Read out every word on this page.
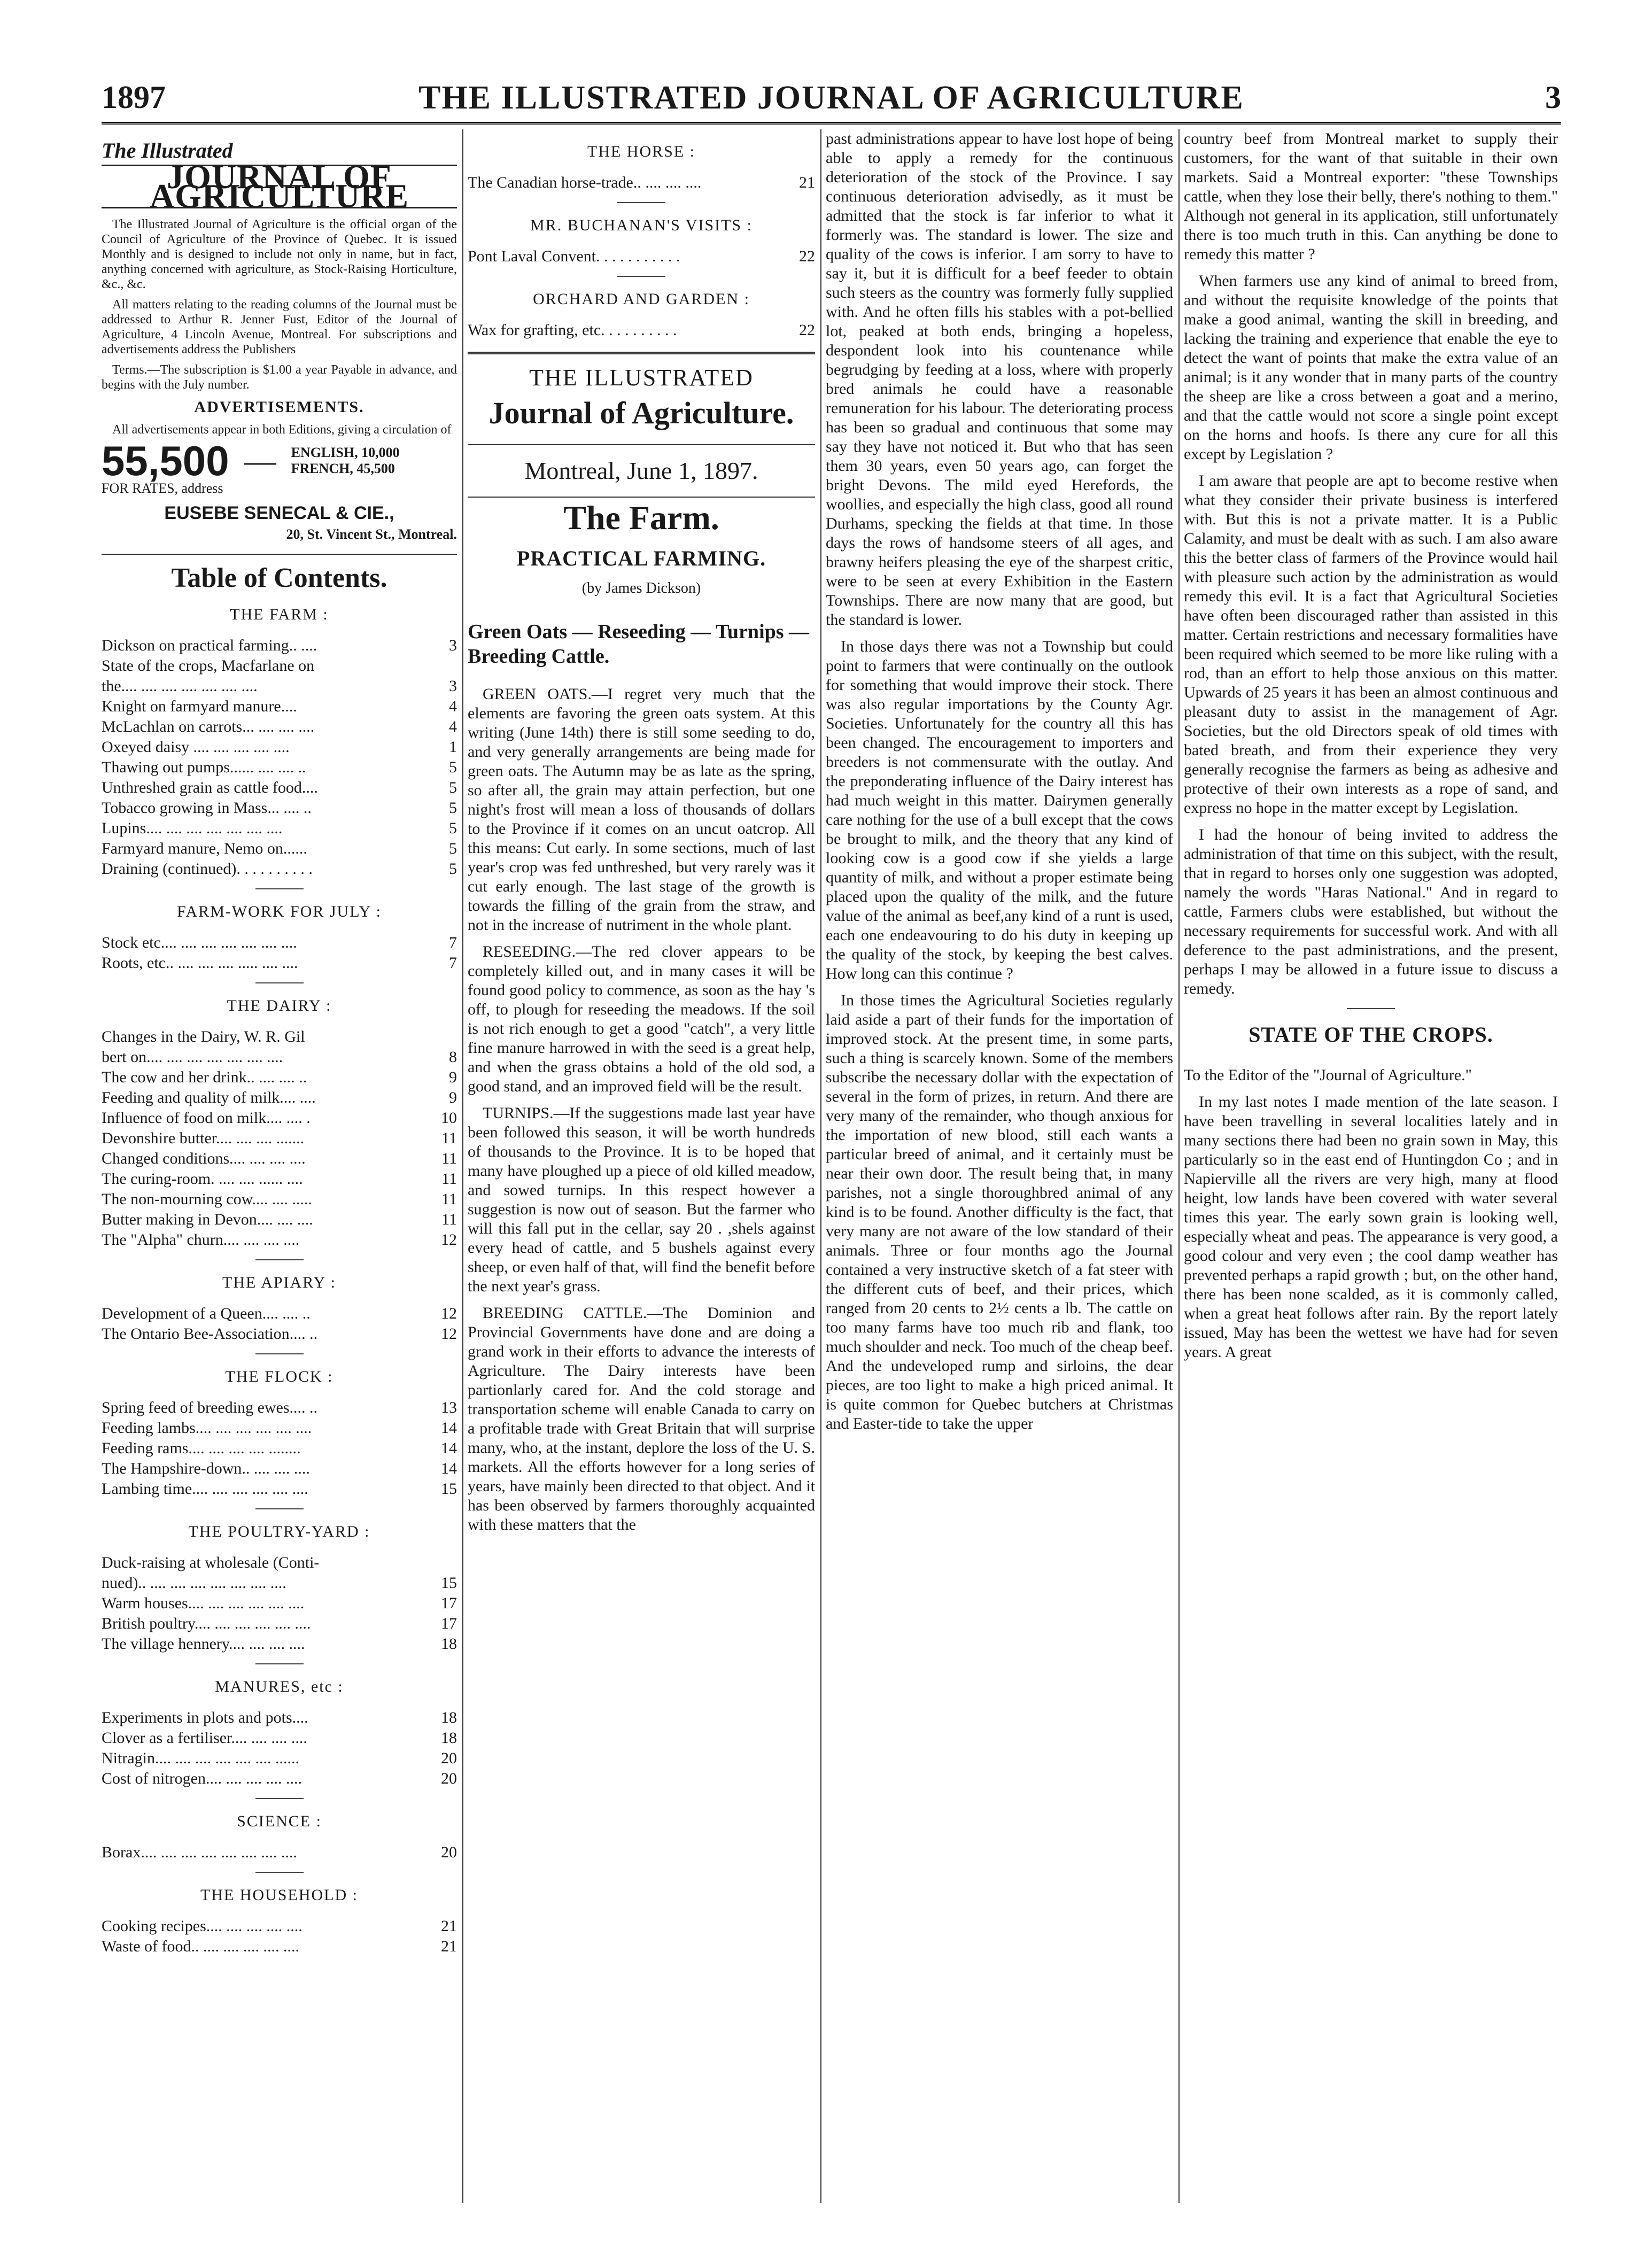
1897	THE ILLUSTRATED JOURNAL OF AGRICULTURE	3
The Illustrated
JOURNAL OF AGRICULTURE
The Illustrated Journal of Agriculture is the official organ of the Council of Agriculture of the Province of Quebec. It is issued Monthly and is designed to include not only in name, but in fact, anything concerned with agriculture, as Stock-Raising Horticulture, &c., &c.
All matters relating to the reading columns of the Journal must be addressed to Arthur R. Jenner Fust, Editor of the Journal of Agriculture, 4 Lincoln Avenue, Montreal. For subscriptions and advertisements address the Publishers
Terms.—The subscription is $1.00 a year Payable in advance, and begins with the July number.
ADVERTISEMENTS.
All advertisements appear in both Editions, giving a circulation of
55,500 — ENGLISH, 10,000
FRENCH, 45,500
FOR RATES, address
EUSEBE SENECAL & CIE.,
20, St. Vincent St., Montreal.
Table of Contents.
THE FARM :
Dickson on practical farming.. ....	3
State of the crops, Macfarlane on
the.... .... .... .... .... .... ....	3
Knight on farmyard manure....	4
McLachlan on carrots... .... .... ....	4
Oxeyed daisy .... .... .... .... ....	1
Thawing out pumps...... .... .... ..	5
Unthreshed grain as cattle food....	5
Tobacco growing in Mass... .... ..	5
Lupins.... .... .... .... .... .... ....	5
Farmyard manure, Nemo on......	5
Draining (continued). . . . . . . . . .	5
FARM-WORK FOR JULY :
Stock etc.... .... .... .... .... .... ....	7
Roots, etc.. .... .... .... ..... .... ....	7
THE DAIRY :
Changes in the Dairy, W. R. Gil
bert on.... .... .... .... .... .... ....	8
The cow and her drink.. .... .... ..	9
Feeding and quality of milk.... ....	9
Influence of food on milk.... .... .	10
Devonshire butter.... .... .... .......	11
Changed conditions.... .... .... ....	11
The curing-room. .... .... ...... ....	11
The non-mourning cow.... .... .....	11
Butter making in Devon.... .... ....	11
The "Alpha" churn.... .... .... ....	12
THE APIARY :
Development of a Queen.... .... ..	12
The Ontario Bee-Association.... ..	12
THE FLOCK :
Spring feed of breeding ewes.... ..	13
Feeding lambs.... .... .... .... .... ....	14
Feeding rams.... .... .... .... ........	14
The Hampshire-down.. .... .... ....	14
Lambing time.... .... .... .... .... ....	15
THE POULTRY-YARD :
Duck-raising at wholesale (Conti-
nued).. .... .... .... .... .... .... ....	15
Warm houses.... .... .... .... .... ....	17
British poultry.... .... .... .... .... ....	17
The village hennery.... .... .... ....	18
MANURES, etc :
Experiments in plots and pots....	18
Clover as a fertiliser.... .... .... ....	18
Nitragin.... .... .... .... .... .... ......	20
Cost of nitrogen.... .... .... .... ....	20
SCIENCE :
Borax.... .... .... .... .... .... .... ....	20
THE HOUSEHOLD :
Cooking recipes.... .... .... .... ....	21
Waste of food.. .... .... .... .... ....	21
THE HORSE :
The Canadian horse-trade.. .... .... ....	21
MR. BUCHANAN'S VISITS :
Pont Laval Convent. . . . . . . . . . .	22
ORCHARD AND GARDEN :
Wax for grafting, etc. . . . . . . . . .	22
THE ILLUSTRATED
Journal of Agriculture.
Montreal, June 1, 1897.
The Farm.
PRACTICAL FARMING.
(by James Dickson)
Green Oats — Reseeding — Turnips — Breeding Cattle.

GREEN OATS.—I regret very much that the elements are favoring the green oats system. At this writing (June 14th) there is still some seeding to do, and very generally arrangements are being made for green oats. The Autumn may be as late as the spring, so after all, the grain may attain perfection, but one night's frost will mean a loss of thousands of dollars to the Province if it comes on an uncut oatcrop. All this means: Cut early. In some sections, much of last year's crop was fed unthreshed, but very rarely was it cut early enough. The last stage of the growth is towards the filling of the grain from the straw, and not in the increase of nutriment in the whole plant.

RESEEDING.—The red clover appears to be completely killed out, and in many cases it will be found good policy to commence, as soon as the hay 's off, to plough for reseeding the meadows. If the soil is not rich enough to get a good "catch", a very little fine manure harrowed in with the seed is a great help, and when the grass obtains a hold of the old sod, a good stand, and an improved field will be the result.

TURNIPS.—If the suggestions made last year have been followed this season, it will be worth hundreds of thousands to the Province. It is to be hoped that many have ploughed up a piece of old killed meadow, and sowed turnips. In this respect however a suggestion is now out of season. But the farmer who will this fall put in the cellar, say 20 . ,shels against every head of cattle, and 5 bushels against every sheep, or even half of that, will find the benefit before the next year's grass.

BREEDING CATTLE.—The Dominion and Provincial Governments have done and are doing a grand work in their efforts to advance the interests of Agriculture. The Dairy interests have been partionlarly cared for. And the cold storage and transportation scheme will enable Canada to carry on a profitable trade with Great Britain that will surprise many, who, at the instant, deplore the loss of the U. S. markets. All the efforts however for a long series of years, have mainly been directed to that object. And it has been observed by farmers thoroughly acquainted with these matters that the

past administrations appear to have lost hope of being able to apply a remedy for the continuous deterioration of the stock of the Province. I say continuous deterioration advisedly, as it must be admitted that the stock is far inferior to what it formerly was. The standard is lower. The size and quality of the cows is inferior. I am sorry to have to say it, but it is difficult for a beef feeder to obtain such steers as the country was formerly fully supplied with. And he often fills his stables with a pot-bellied lot, peaked at both ends, bringing a hopeless, despondent look into his countenance while begrudging by feeding at a loss, where with properly bred animals he could have a reasonable remuneration for his labour. The deteriorating process has been so gradual and continuous that some may say they have not noticed it. But who that has seen them 30 years, even 50 years ago, can forget the bright Devons. The mild eyed Herefords, the woollies, and especially the high class, good all round Durhams, specking the fields at that time. In those days the rows of handsome steers of all ages, and brawny heifers pleasing the eye of the sharpest critic, were to be seen at every Exhibition in the Eastern Townships. There are now many that are good, but the standard is lower.

In those days there was not a Township but could point to farmers that were continually on the outlook for something that would improve their stock. There was also regular importations by the County Agr. Societies. Unfortunately for the country all this has been changed. The encouragement to importers and breeders is not commensurate with the outlay. And the preponderating influence of the Dairy interest has had much weight in this matter. Dairymen generally care nothing for the use of a bull except that the cows be brought to milk, and the theory that any kind of looking cow is a good cow if she yields a large quantity of milk, and without a proper estimate being placed upon the quality of the milk, and the future value of the animal as beef,any kind of a runt is used, each one endeavouring to do his duty in keeping up the quality of the stock, by keeping the best calves. How long can this continue ?

In those times the Agricultural Societies regularly laid aside a part of their funds for the importation of improved stock. At the present time, in some parts, such a thing is scarcely known. Some of the members subscribe the necessary dollar with the expectation of several in the form of prizes, in return. And there are very many of the remainder, who though anxious for the importation of new blood, still each wants a particular breed of animal, and it certainly must be near their own door. The result being that, in many parishes, not a single thoroughbred animal of any kind is to be found. Another difficulty is the fact, that very many are not aware of the low standard of their animals. Three or four months ago the Journal contained a very instructive sketch of a fat steer with the different cuts of beef, and their prices, which ranged from 20 cents to 2½ cents a lb. The cattle on too many farms have too much rib and flank, too much shoulder and neck. Too much of the cheap beef. And the undeveloped rump and sirloins, the dear pieces, are too light to make a high priced animal. It is quite common for Quebec butchers at Christmas and Easter-tide to take the upper

country beef from Montreal market to supply their customers, for the want of that suitable in their own markets. Said a Montreal exporter: "these Townships cattle, when they lose their belly, there's nothing to them." Although not general in its application, still unfortunately there is too much truth in this. Can anything be done to remedy this matter ?

When farmers use any kind of animal to breed from, and without the requisite knowledge of the points that make a good animal, wanting the skill in breeding, and lacking the training and experience that enable the eye to detect the want of points that make the extra value of an animal; is it any wonder that in many parts of the country the sheep are like a cross between a goat and a merino, and that the cattle would not score a single point except on the horns and hoofs. Is there any cure for all this except by Legislation ?

I am aware that people are apt to become restive when what they consider their private business is interfered with. But this is not a private matter. It is a Public Calamity, and must be dealt with as such. I am also aware this the better class of farmers of the Province would hail with pleasure such action by the administration as would remedy this evil. It is a fact that Agricultural Societies have often been discouraged rather than assisted in this matter. Certain restrictions and necessary formalities have been required which seemed to be more like ruling with a rod, than an effort to help those anxious on this matter. Upwards of 25 years it has been an almost continuous and pleasant duty to assist in the management of Agr. Societies, but the old Directors speak of old times with bated breath, and from their experience they very generally recognise the farmers as being as adhesive and protective of their own interests as a rope of sand, and express no hope in the matter except by Legislation.

I had the honour of being invited to address the administration of that time on this subject, with the result, that in regard to horses only one suggestion was adopted, namely the words "Haras National." And in regard to cattle, Farmers clubs were established, but without the necessary requirements for successful work. And with all deference to the past administrations, and the present, perhaps I may be allowed in a future issue to discuss a remedy.

STATE OF THE CROPS.

To the Editor of the "Journal of Agriculture."

In my last notes I made mention of the late season. I have been travelling in several localities lately and in many sections there had been no grain sown in May, this particularly so in the east end of Huntingdon Co ; and in Napierville all the rivers are very high, many at flood height, low lands have been covered with water several times this year. The early sown grain is looking well, especially wheat and peas. The appearance is very good, a good colour and very even ; the cool damp weather has prevented perhaps a rapid growth ; but, on the other hand, there has been none scalded, as it is commonly called, when a great heat follows after rain. By the report lately issued, May has been the wettest we have had for seven years. A great
